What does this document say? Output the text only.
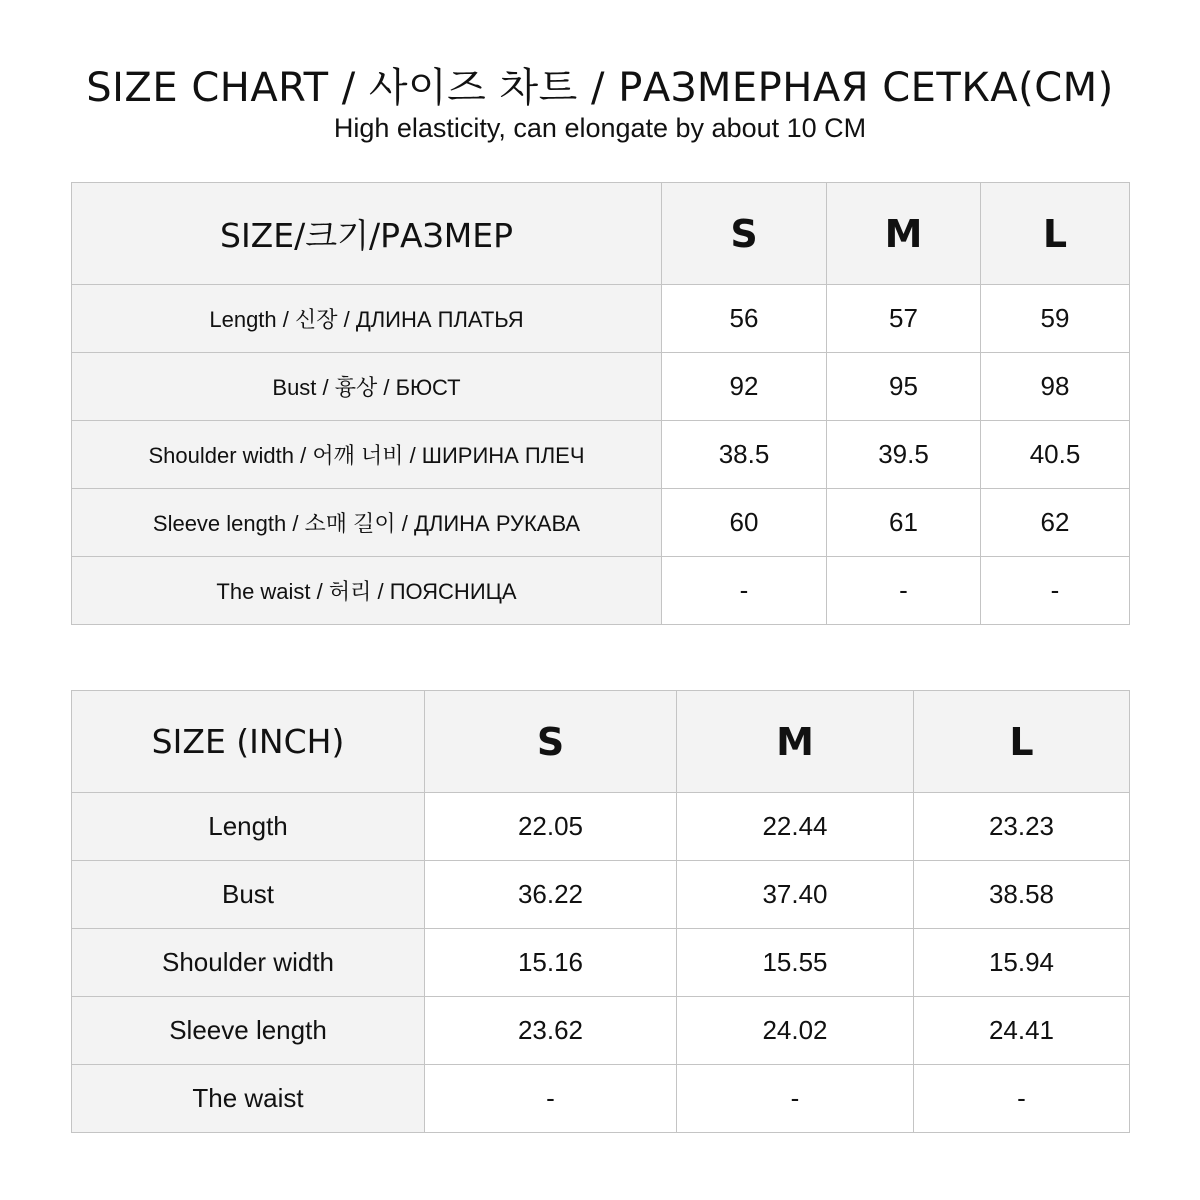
SIZE CHART / 사이즈 차트 / РАЗМЕРНАЯ СЕТКА(CM)
High elasticity, can elongate by about 10 CM
SIZE/크기/РАЗМЕР	S	M	L
Length / 신장 / ДЛИНА ПЛАТЬЯ	56	57	59
Bust / 흉상 / БЮСТ	92	95	98
Shoulder width / 어깨 너비 / ШИРИНА ПЛЕЧ	38.5	39.5	40.5
Sleeve length / 소매 길이 / ДЛИНА РУКАВА	60	61	62
The waist / 허리 / ПОЯСНИЦА	-	-	-
SIZE (INCH)	S	M	L
Length	22.05	22.44	23.23
Bust	36.22	37.40	38.58
Shoulder width	15.16	15.55	15.94
Sleeve length	23.62	24.02	24.41
The waist	-	-	-
